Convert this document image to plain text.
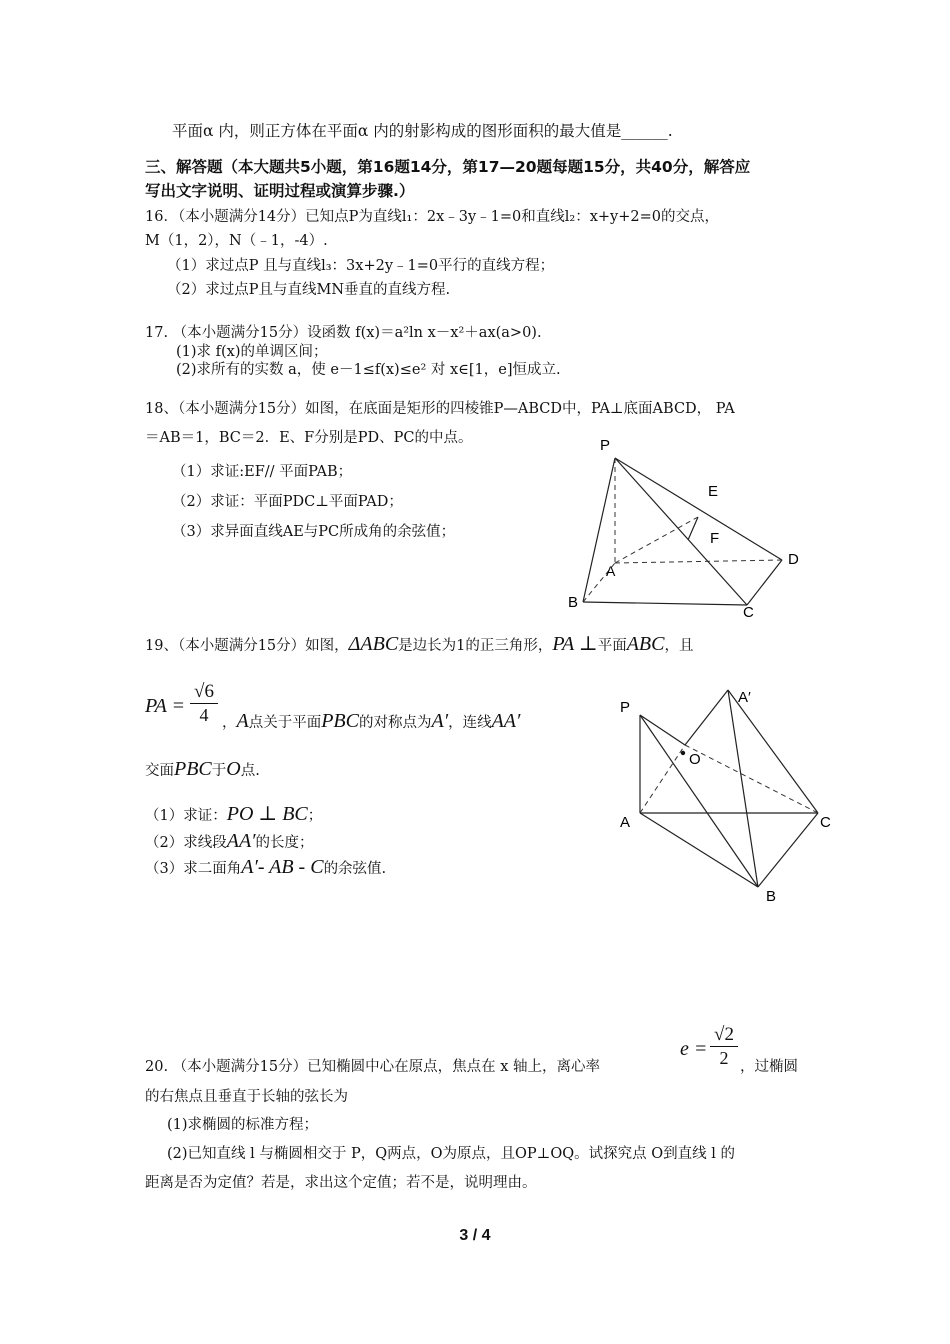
平面α 内，则正方体在平面α 内的射影构成的图形面积的最大值是______.
三、解答题（本大题共5小题，第16题14分，第17—20题每题15分，共40分，解答应
写出文字说明、证明过程或演算步骤.）
16．（本小题满分14分）已知点P为直线l₁：2x﹣3y﹣1=0和直线l₂：x+y+2=0的交点，
M（1，2），N（﹣1，-4）.
（1）求过点P 且与直线l₃：3x+2y﹣1=0平行的直线方程；
（2）求过点P且与直线MN垂直的直线方程.
17. （本小题满分15分）设函数 f(x)＝a²ln x－x²＋ax(a>0).
(1)求 f(x)的单调区间；
(2)求所有的实数 a，使 e－1≤f(x)≤e² 对 x∈[1，e]恒成立.
18、（本小题满分15分）如图，在底面是矩形的四棱锥P—ABCD中，PA⊥底面ABCD， PA
＝AB＝1，BC＝2．E、F分别是PD、PC的中点。
（1）求证:EF// 平面PAB；
（2）求证：平面PDC⊥平面PAD；
（3）求异面直线AE与PC所成角的余弦值；
P
E
F
A
D
B
C
19、（本小题满分15分）如图，ΔABC是边长为1的正三角形，PA ⊥平面ABC，且
PA = $\frac{√6}{4}$ ，A点关于平面PBC的对称点为A′，连线AA′
交面PBC于O点.
（1）求证：PO ⊥ BC；
（2）求线段AA′的长度；
（3）求二面角A′- AB - C的余弦值.
P
A′
O
A	C
B
$e = \frac{√2}{2}$
20. （本小题满分15分）已知椭圆中心在原点，焦点在 x 轴上，离心率	，过椭圆
的右焦点且垂直于长轴的弦长为
(1)求椭圆的标准方程；
(2)已知直线 l 与椭圆相交于 P，Q两点，O为原点，且OP⊥OQ。试探究点 O到直线 l 的
距离是否为定值？若是，求出这个定值；若不是，说明理由。
3 / 4
